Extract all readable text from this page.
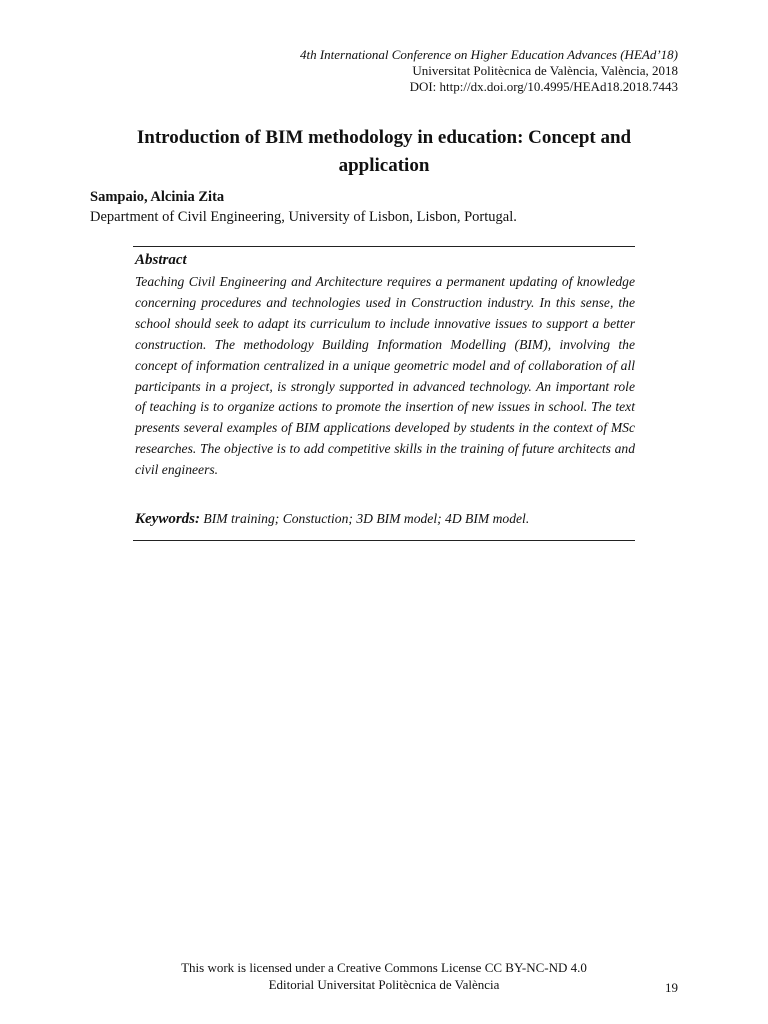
4th International Conference on Higher Education Advances (HEAd’18)
Universitat Politècnica de València, València, 2018
DOI: http://dx.doi.org/10.4995/HEAd18.2018.7443
Introduction of BIM methodology in education: Concept and application
Sampaio, Alcinia Zita
Department of Civil Engineering, University of Lisbon, Lisbon, Portugal.
Abstract
Teaching Civil Engineering and Architecture requires a permanent updating of knowledge concerning procedures and technologies used in Construction industry. In this sense, the school should seek to adapt its curriculum to include innovative issues to support a better construction. The methodology Building Information Modelling (BIM), involving the concept of information centralized in a unique geometric model and of collaboration of all participants in a project, is strongly supported in advanced technology. An important role of teaching is to organize actions to promote the insertion of new issues in school. The text presents several examples of BIM applications developed by students in the context of MSc researches. The objective is to add competitive skills in the training of future architects and civil engineers.
Keywords: BIM training; Constuction; 3D BIM model; 4D BIM model.
This work is licensed under a Creative Commons License CC BY-NC-ND 4.0
Editorial Universitat Politècnica de València	19
